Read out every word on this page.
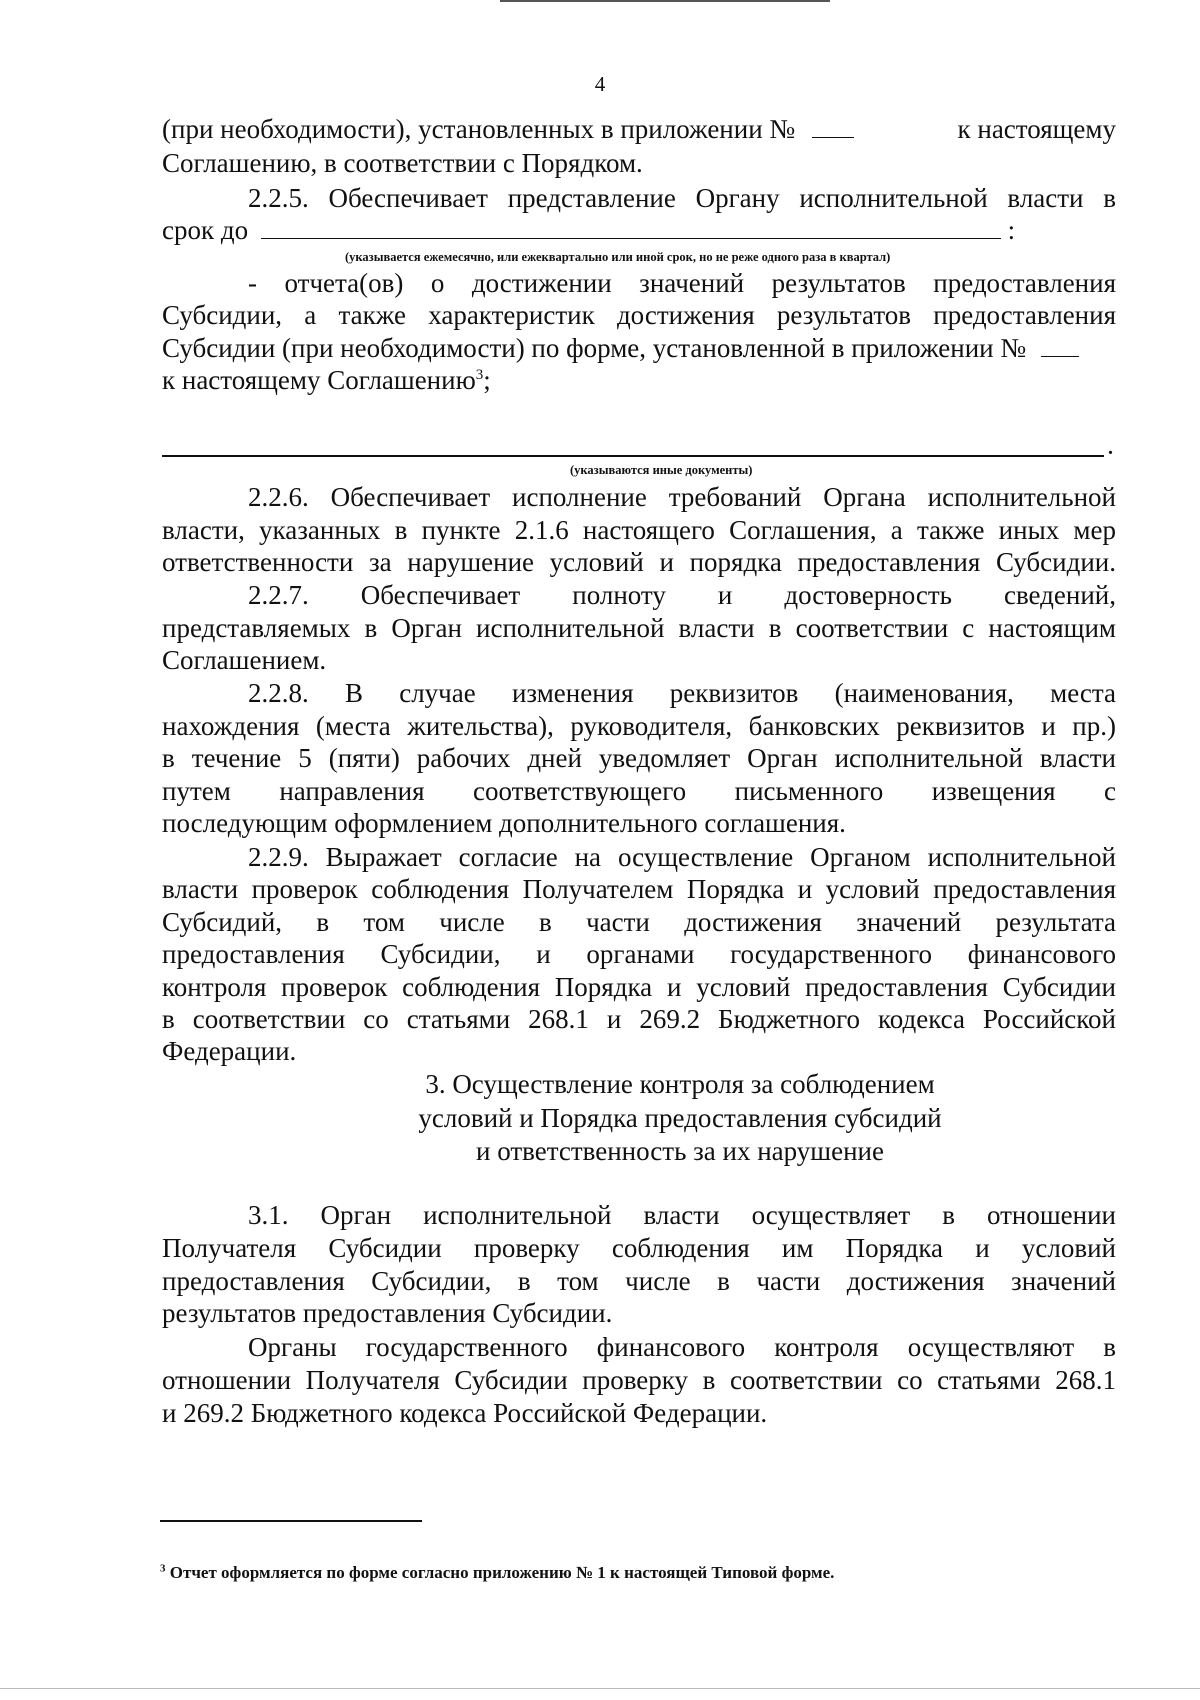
4
(при необходимости), установленных в приложении №	к настоящему
Соглашению, в соответствии с Порядком.
2.2.5. Обеспечивает представление Органу исполнительной власти в
срок до	:
(указывается ежемесячно, или ежеквартально или иной срок, но не реже одного раза в квартал)
- отчета(ов) о достижении значений результатов предоставления
Субсидии, а также характеристик достижения результатов предоставления
Субсидии (при необходимости) по форме, установленной в приложении №
к настоящему Соглашению$^3$;
.
(указываются иные документы)
2.2.6. Обеспечивает исполнение требований Органа исполнительной
власти, указанных в пункте 2.1.6 настоящего Соглашения, а также иных мер
ответственности за нарушение условий и порядка предоставления Субсидии.
2.2.7. Обеспечивает полноту и достоверность сведений,
представляемых в Орган исполнительной власти в соответствии с настоящим
Соглашением.
2.2.8. В случае изменения реквизитов (наименования, места
нахождения (места жительства), руководителя, банковских реквизитов и пр.)
в течение 5 (пяти) рабочих дней уведомляет Орган исполнительной власти
путем направления соответствующего письменного извещения с
последующим оформлением дополнительного соглашения.
2.2.9. Выражает согласие на осуществление Органом исполнительной
власти проверок соблюдения Получателем Порядка и условий предоставления
Субсидий, в том числе в части достижения значений результата
предоставления Субсидии, и органами государственного финансового
контроля проверок соблюдения Порядка и условий предоставления Субсидии
в соответствии со статьями 268.1 и 269.2 Бюджетного кодекса Российской
Федерации.
3. Осуществление контроля за соблюдением
условий и Порядка предоставления субсидий
и ответственность за их нарушение
3.1. Орган исполнительной власти осуществляет в отношении
Получателя Субсидии проверку соблюдения им Порядка и условий
предоставления Субсидии, в том числе в части достижения значений
результатов предоставления Субсидии.
Органы государственного финансового контроля осуществляют в
отношении Получателя Субсидии проверку в соответствии со статьями 268.1
и 269.2 Бюджетного кодекса Российской Федерации.
$^3$ Отчет оформляется по форме согласно приложению № 1 к настоящей Типовой форме.
